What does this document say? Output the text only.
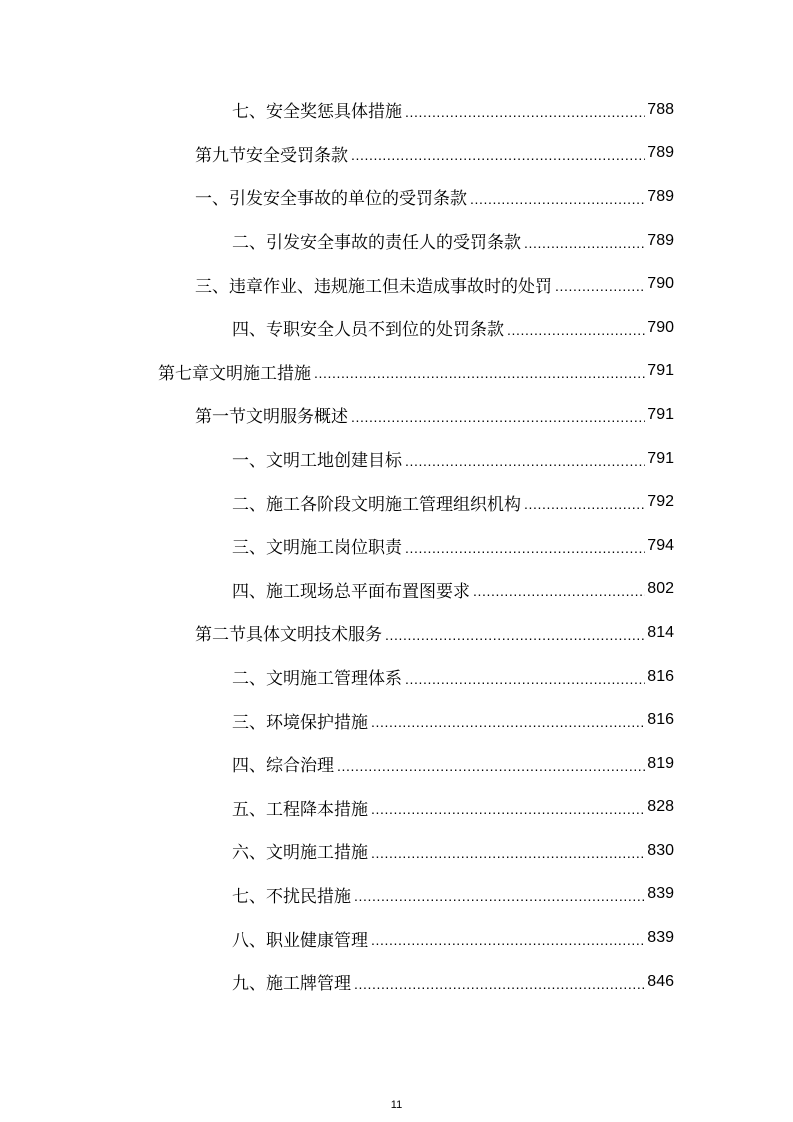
七、安全奖惩具体措施 .....	788
第九节安全受罚条款 .....	789
一、引发安全事故的单位的受罚条款 .....	789
二、引发安全事故的责任人的受罚条款 .....	789
三、违章作业、违规施工但未造成事故时的处罚 .....	790
四、专职安全人员不到位的处罚条款 .....	790
第七章文明施工措施 .....	791
第一节文明服务概述 .....	791
一、文明工地创建目标 .....	791
二、施工各阶段文明施工管理组织机构 .....	792
三、文明施工岗位职责 .....	794
四、施工现场总平面布置图要求 .....	802
第二节具体文明技术服务 .....	814
二、文明施工管理体系 .....	816
三、环境保护措施 .....	816
四、综合治理 .....	819
五、工程降本措施 .....	828
六、文明施工措施 .....	830
七、不扰民措施 .....	839
八、职业健康管理 .....	839
九、施工牌管理 .....	846
11
